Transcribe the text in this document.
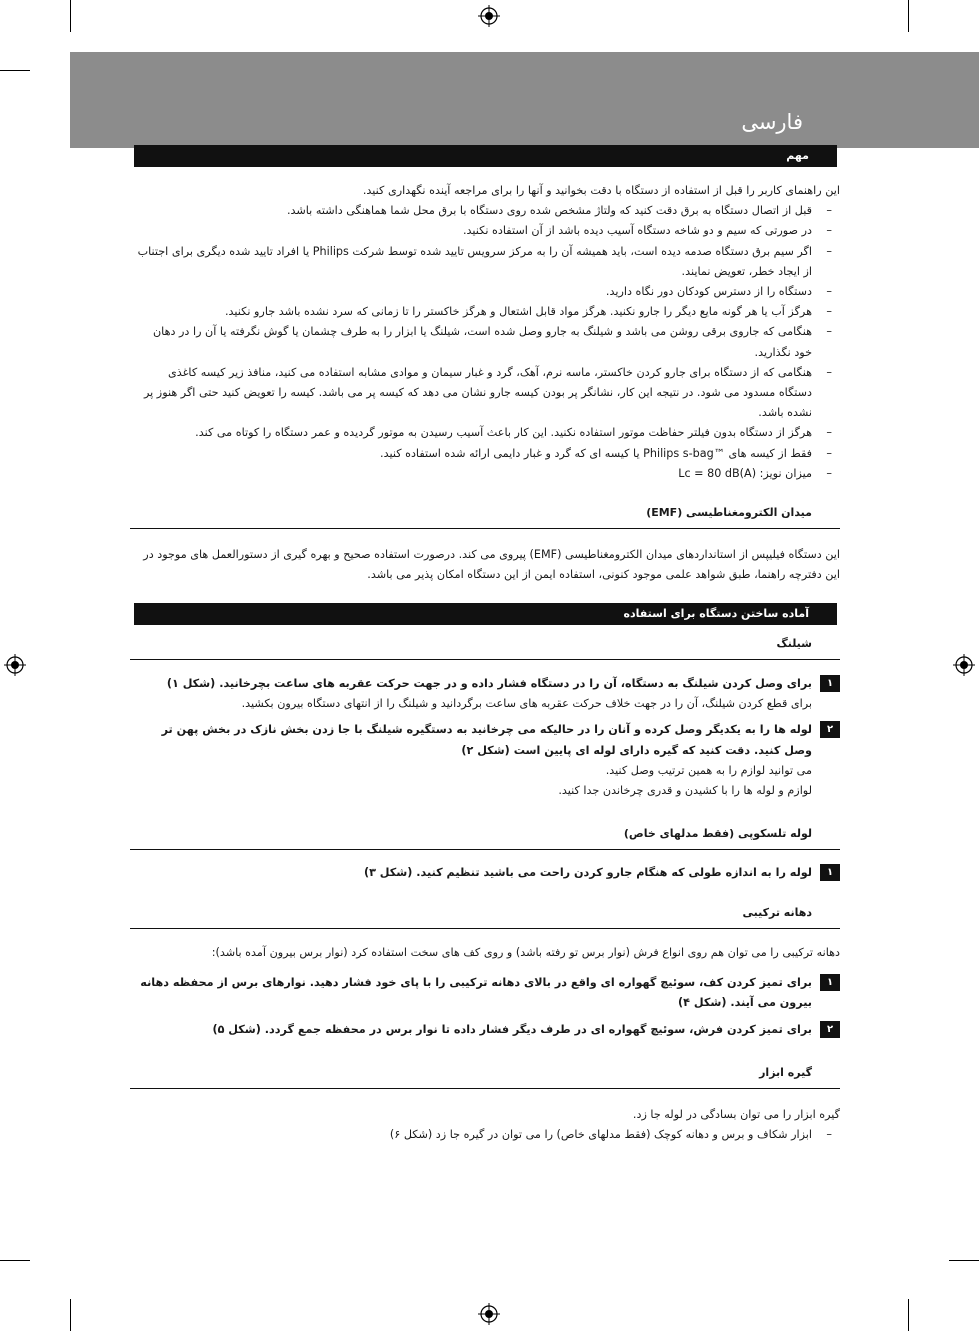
فارسی
مهم

این راهنمای کاربر را قبل از استفاده از دستگاه با دقت بخوانید و آنها را برای مراجعه آینده نگهداری کنید.

–
قبل از اتصال دستگاه به برق دقت کنید که ولتاژ مشخص شده روی دستگاه با برق محل شما هماهنگی داشته باشد.
–
در صورتی که سیم و دو شاخه دستگاه آسیب دیده باشد از آن استفاده نکنید.
–
اگر سیم برق دستگاه صدمه دیده است، باید همیشه آن را به مرکز سرویس تایید شده توسط شرکت Philips یا افراد تایید شده دیگری برای اجتناب از ایجاد خطر، تعویض نمایند.
–
دستگاه را از دسترس کودکان دور نگاه دارید.
–
هرگز آب یا هر گونه مایع دیگر را جارو نکنید. هرگز مواد قابل اشتعال و هرگز خاکستر را تا زمانی که سرد نشده باشد جارو نکنید.
–
هنگامی که جاروی برقی روشن می باشد و شیلنگ به جارو وصل شده است، شیلنگ یا ابزار را به طرف چشمان یا گوش نگرفته یا آن را در دهان خود نگذارید.
–
هنگامی که از دستگاه برای جارو کردن خاکستر، ماسه نرم، آهک، گرد و غبار سیمان و موادی مشابه استفاده می کنید، منافذ زیر کیسه کاغذی دستگاه مسدود می شود. در نتیجه این کار، نشانگر پر بودن کیسه جارو نشان می دهد که کیسه پر می باشد. کیسه را تعویض کنید حتی اگر هنوز پر نشده باشد.
–
هرگز از دستگاه بدون فیلتر حفاظت موتور استفاده نکنید. این کار باعث آسیب رسیدن به موتور گردیده و عمر دستگاه را کوتاه می کند.
–
فقط از کیسه های ™Philips s-bag یا کیسه ای که گرد و غبار دایمی ارائه شده استفاده کنید.
–
میزان نویز: Lc = 80 dB(A)
میدان الکترومغناطیسی (EMF)

این دستگاه فیلیپس از استانداردهای میدان الکترومغناطیسی (EMF) پیروی می کند. درصورت استفاده صحیح و بهره گیری از دستورالعمل های موجود در این دفترچه راهنما، طبق شواهد علمی موجود کنونی، استفاده ایمن از این دستگاه امکان پذیر می باشد.

آماده ساختن دستگاه برای استفاده
شیلنگ
۱
برای وصل کردن شیلنگ به دستگاه، آن را در دستگاه فشار داده و در جهت حرکت عقربه های ساعت بچرخانید. (شکل ۱)
برای قطع کردن شیلنگ، آن را در جهت خلاف حرکت عقربه های ساعت برگردانید و شیلنگ را از انتهای دستگاه بیرون بکشید.
۲
لوله ها را به یکدیگر وصل کرده و آنان را در حالیکه می چرخانید به دستگیره شیلنگ با جا زدن بخش نازک در بخش پهن تر وصل کنید. دقت کنید که گیره دارای لوله ای پایین است (شکل ۲)
می توانید لوازم را به همین ترتیب وصل کنید.
لوازم و لوله ها را با کشیدن و قدری چرخاندن جدا کنید.
لوله تلسکوپی (فقط مدلهای خاص)
۱
لوله را به اندازه طولی که هنگام جارو کردن راحت می باشید تنظیم کنید. (شکل ۳)
دهانه ترکیبی

دهانه ترکیبی را می توان هم روی انواع فرش (نوار برس تو رفته باشد) و روی کف های سخت استفاده کرد (نوار برس بیرون آمده باشد):

۱
برای تمیز کردن کف، سوئیچ گهواره ای واقع در بالای دهانه ترکیبی را با پای خود فشار دهید. نوارهای برس از محفظه دهانه بیرون می آیند. (شکل ۴)
۲
برای تمیز کردن فرش، سوئیچ گهواره ای در طرف دیگر فشار داده تا نوار برس در محفظه جمع گردد. (شکل ۵)
گیره ابزار

گیره ابزار را می توان بسادگی در لوله جا زد.

–
ابزار شکاف و برس و دهانه کوچک (فقط مدلهای خاص) را می توان در گیره جا زد (شکل ۶)
